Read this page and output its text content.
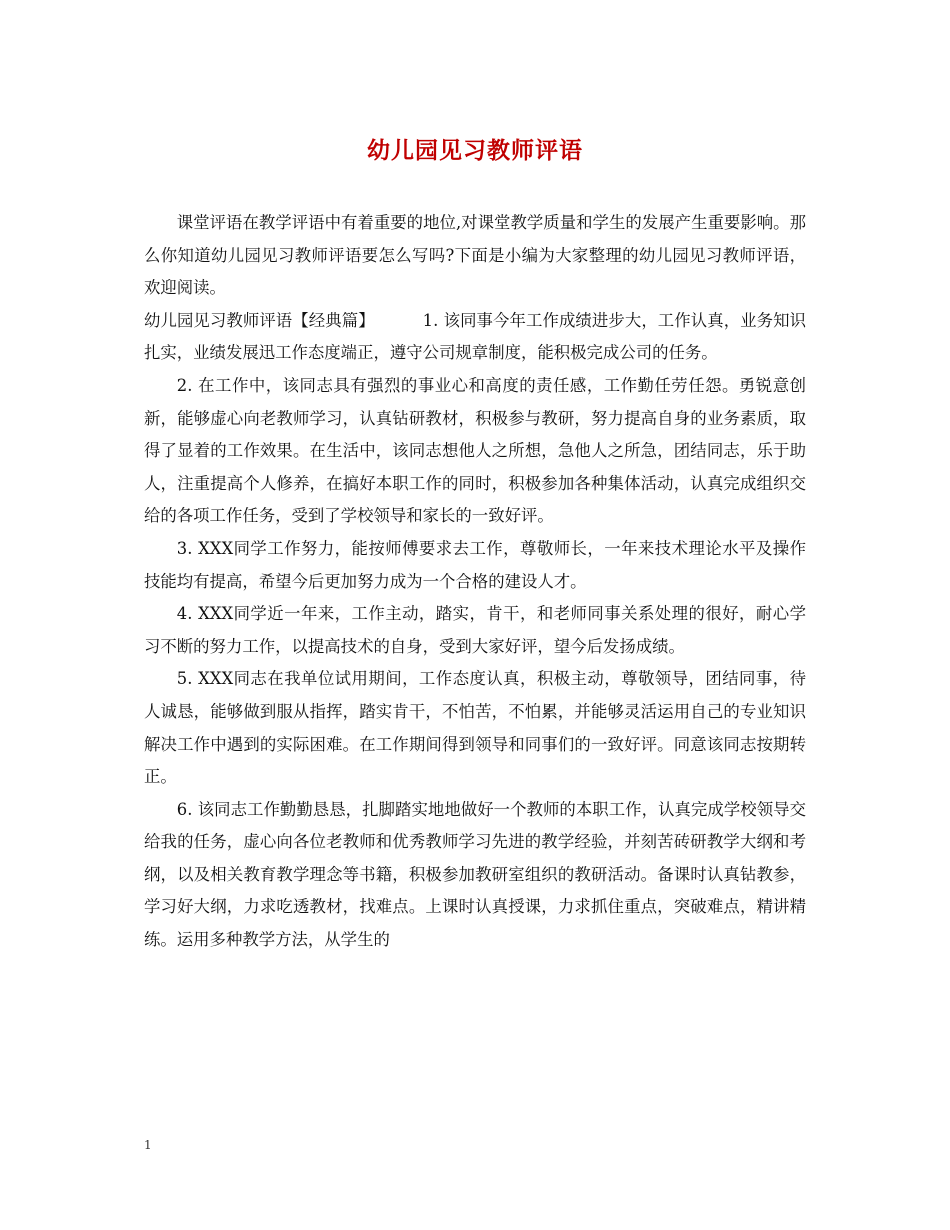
幼儿园见习教师评语

课堂评语在教学评语中有着重要的地位,对课堂教学质量和学生的发展产生重要影响。那么你知道幼儿园见习教师评语要怎么写吗?下面是小编为大家整理的幼儿园见习教师评语，欢迎阅读。

幼儿园见习教师评语【经典篇】	1. 该同事今年工作成绩进步大，工作认真，业务知识扎实，业绩发展迅工作态度端正，遵守公司规章制度，能积极完成公司的任务。

2. 在工作中，该同志具有强烈的事业心和高度的责任感，工作勤任劳任怨。勇锐意创新，能够虚心向老教师学习，认真钻研教材，积极参与教研，努力提高自身的业务素质，取得了显着的工作效果。在生活中，该同志想他人之所想，急他人之所急，团结同志，乐于助人，注重提高个人修养，在搞好本职工作的同时，积极参加各种集体活动，认真完成组织交给的各项工作任务，受到了学校领导和家长的一致好评。

3. XXX同学工作努力，能按师傅要求去工作，尊敬师长，一年来技术理论水平及操作技能均有提高，希望今后更加努力成为一个合格的建设人才。

4. XXX同学近一年来，工作主动，踏实，肯干，和老师同事关系处理的很好，耐心学习不断的努力工作，以提高技术的自身，受到大家好评，望今后发扬成绩。

5. XXX同志在我单位试用期间，工作态度认真，积极主动，尊敬领导，团结同事，待人诚恳，能够做到服从指挥，踏实肯干，不怕苦，不怕累，并能够灵活运用自己的专业知识解决工作中遇到的实际困难。在工作期间得到领导和同事们的一致好评。同意该同志按期转正。

6. 该同志工作勤勤恳恳，扎脚踏实地地做好一个教师的本职工作，认真完成学校领导交给我的任务，虚心向各位老教师和优秀教师学习先进的教学经验，并刻苦砖研教学大纲和考纲，以及相关教育教学理念等书籍，积极参加教研室组织的教研活动。备课时认真钻教参，学习好大纲，力求吃透教材，找难点。上课时认真授课，力求抓住重点，突破难点，精讲精练。运用多种教学方法，从学生的

1
